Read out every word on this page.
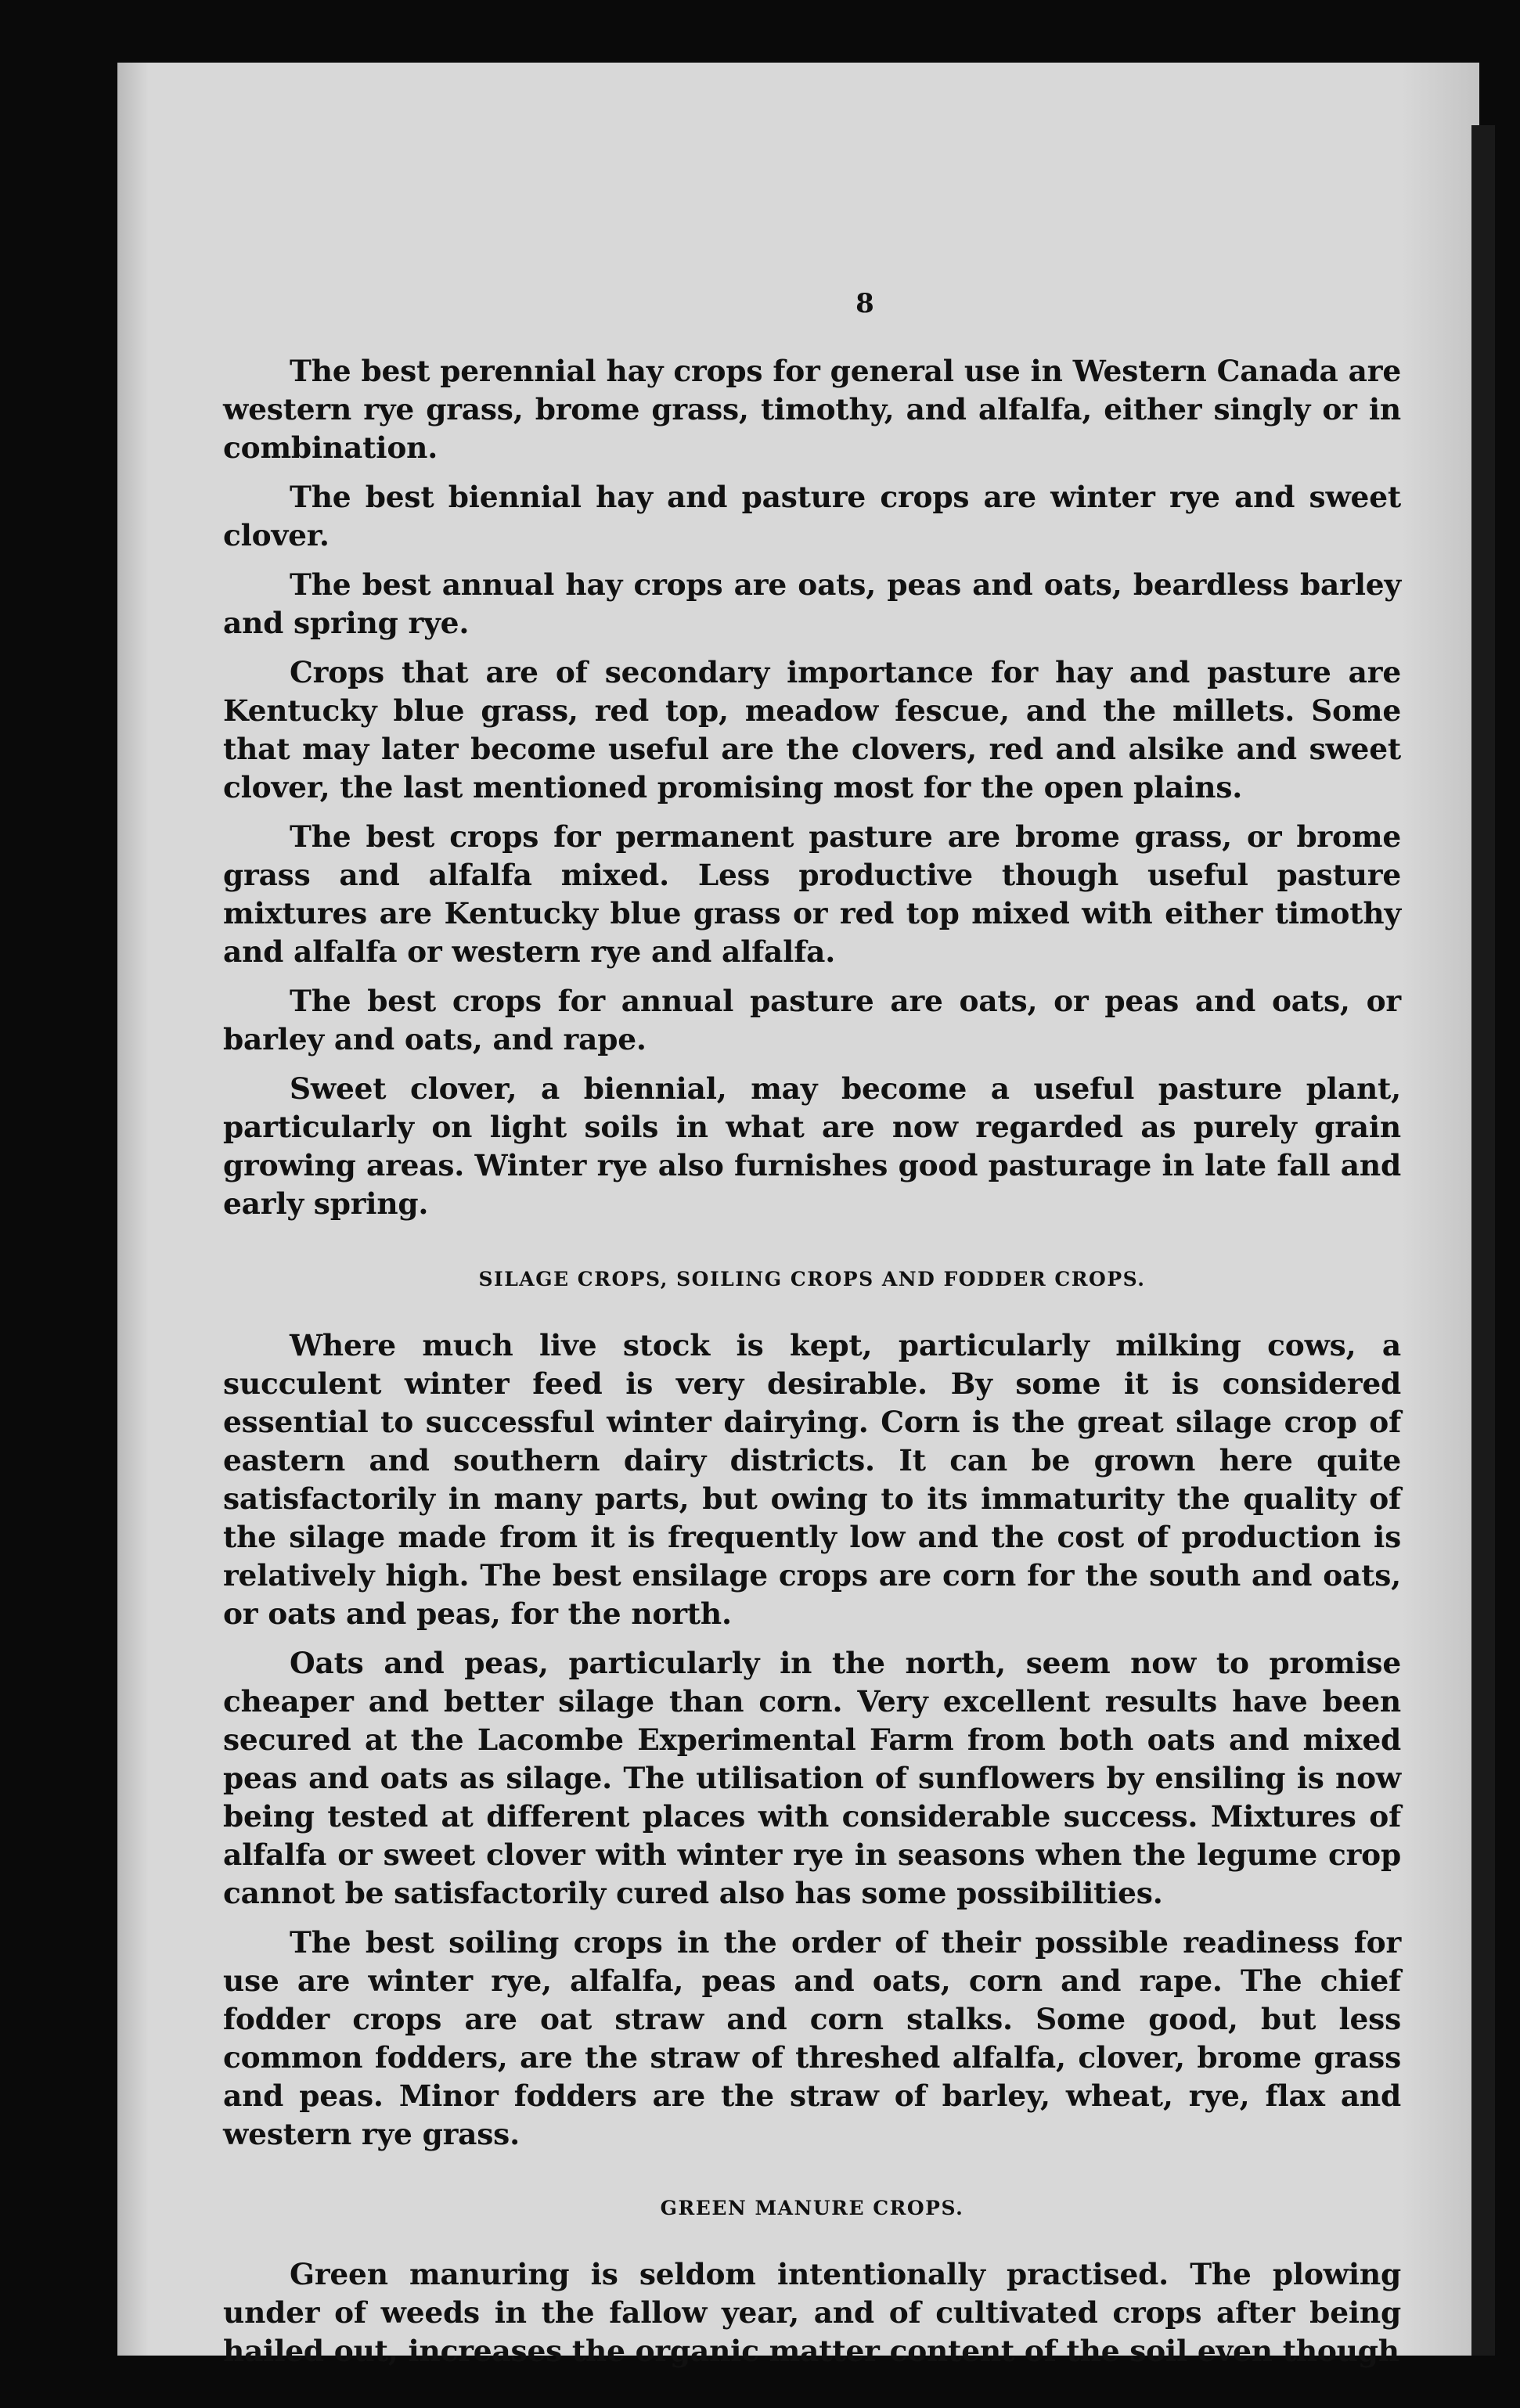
8

The best perennial hay crops for general use in Western Canada are western rye grass, brome grass, timothy, and alfalfa, either singly or in combination.

The best biennial hay and pasture crops are winter rye and sweet clover.

The best annual hay crops are oats, peas and oats, beardless barley and spring rye.

Crops that are of secondary importance for hay and pasture are Kentucky blue grass, red top, meadow fescue, and the millets. Some that may later become useful are the clovers, red and alsike and sweet clover, the last mentioned promising most for the open plains.

The best crops for permanent pasture are brome grass, or brome grass and alfalfa mixed. Less productive though useful pasture mixtures are Kentucky blue grass or red top mixed with either timothy and alfalfa or western rye and alfalfa.

The best crops for annual pasture are oats, or peas and oats, or barley and oats, and rape.

Sweet clover, a biennial, may become a useful pasture plant, particularly on light soils in what are now regarded as purely grain growing areas. Winter rye also furnishes good pasturage in late fall and early spring.

SILAGE CROPS, SOILING CROPS AND FODDER CROPS.

Where much live stock is kept, particularly milking cows, a succulent winter feed is very desirable. By some it is considered essential to successful winter dairying. Corn is the great silage crop of eastern and southern dairy districts. It can be grown here quite satisfactorily in many parts, but owing to its immaturity the quality of the silage made from it is frequently low and the cost of production is relatively high. The best ensilage crops are corn for the south and oats, or oats and peas, for the north.

Oats and peas, particularly in the north, seem now to promise cheaper and better silage than corn. Very excellent results have been secured at the Lacombe Experimental Farm from both oats and mixed peas and oats as silage. The utilisation of sunflowers by ensiling is now being tested at different places with considerable success. Mixtures of alfalfa or sweet clover with winter rye in seasons when the legume crop cannot be satisfactorily cured also has some possibilities.

The best soiling crops in the order of their possible readiness for use are winter rye, alfalfa, peas and oats, corn and rape. The chief fodder crops are oat straw and corn stalks. Some good, but less common fodders, are the straw of threshed alfalfa, clover, brome grass and peas. Minor fodders are the straw of barley, wheat, rye, flax and western rye grass.

GREEN MANURE CROPS.

Green manuring is seldom intentionally practised. The plowing under of weeds in the fallow year, and of cultivated crops after being hailed out, increases the organic matter content of the soil even though
